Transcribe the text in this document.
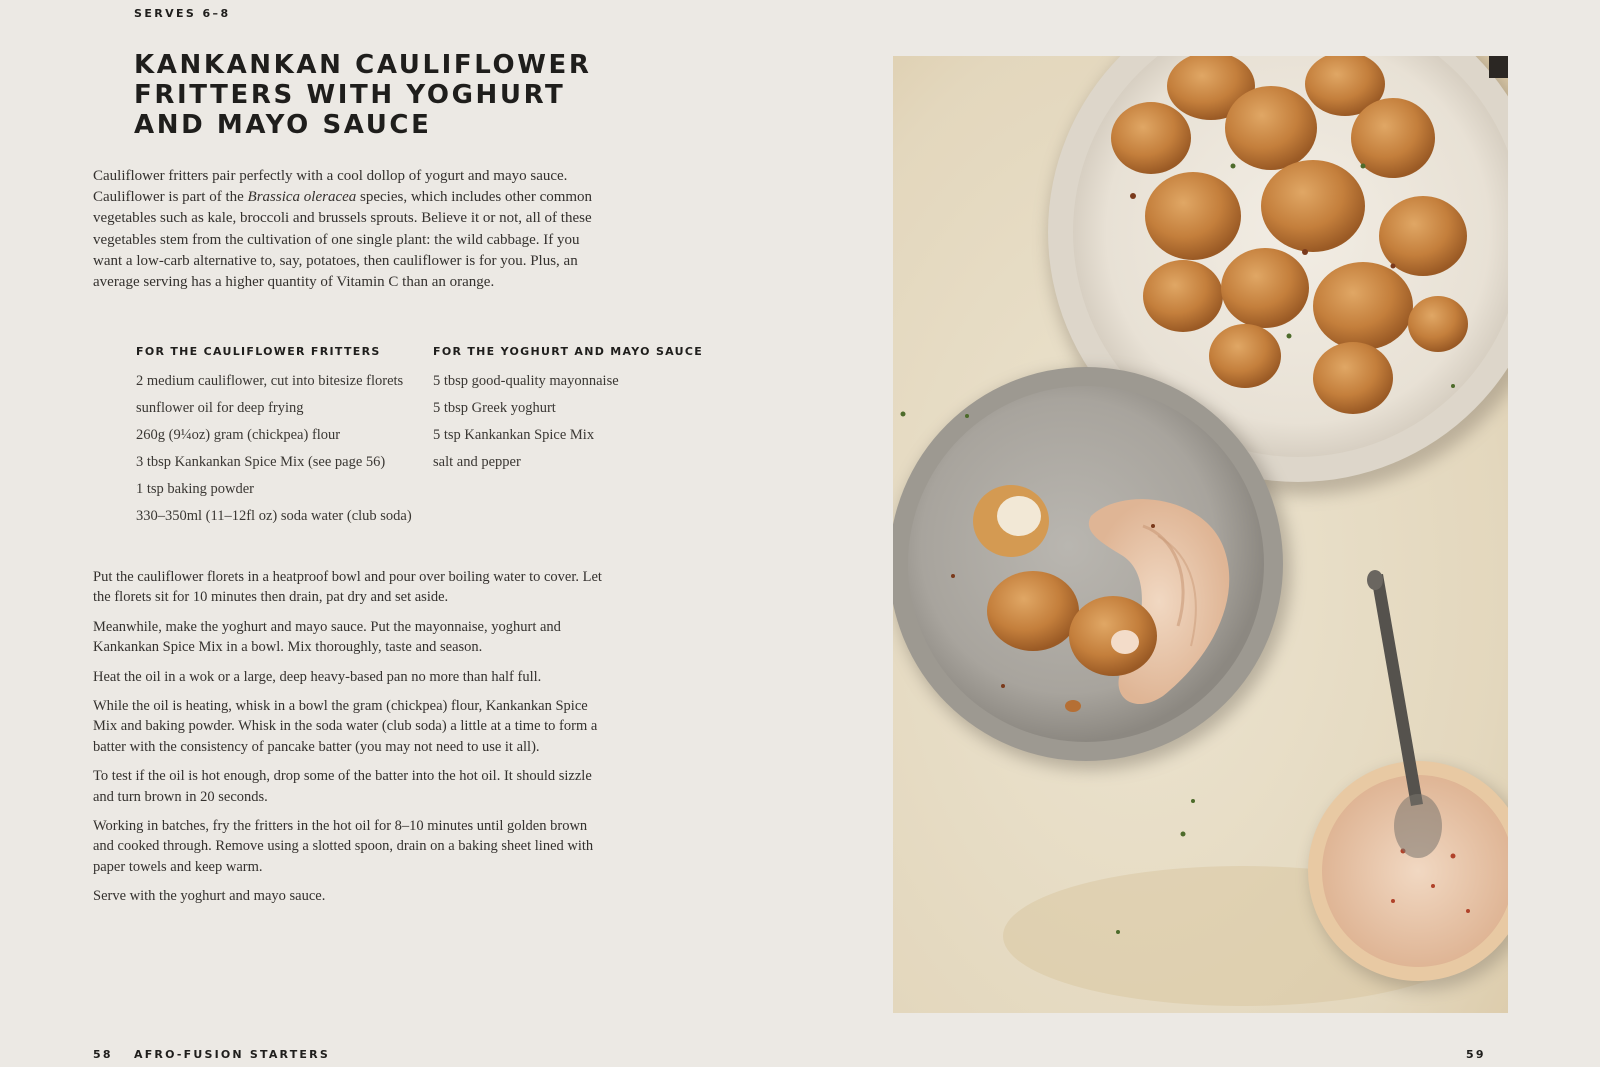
SERVES 6–8
KANKANKAN CAULIFLOWER
FRITTERS WITH YOGHURT
AND MAYO SAUCE

Cauliflower fritters pair perfectly with a cool dollop of yogurt and mayo sauce. Cauliflower is part of the Brassica oleracea species, which includes other common vegetables such as kale, broccoli and brussels sprouts. Believe it or not, all of these vegetables stem from the cultivation of one single plant: the wild cabbage. If you want a low-carb alternative to, say, potatoes, then cauliflower is for you. Plus, an average serving has a higher quantity of Vitamin C than an orange.

FOR THE CAULIFLOWER FRITTERS
2 medium cauliflower, cut into bitesize florets
sunflower oil for deep frying
260g (9¼oz) gram (chickpea) flour
3 tbsp Kankankan Spice Mix (see page 56)
1 tsp baking powder
330–350ml (11–12fl oz) soda water (club soda)
FOR THE YOGHURT AND MAYO SAUCE
5 tbsp good-quality mayonnaise
5 tbsp Greek yoghurt
5 tsp Kankankan Spice Mix
salt and pepper

Put the cauliflower florets in a heatproof bowl and pour over boiling water to cover. Let the florets sit for 10 minutes then drain, pat dry and set aside.

Meanwhile, make the yoghurt and mayo sauce. Put the mayonnaise, yoghurt and Kankankan Spice Mix in a bowl. Mix thoroughly, taste and season.

Heat the oil in a wok or a large, deep heavy-based pan no more than half full.

While the oil is heating, whisk in a bowl the gram (chickpea) flour, Kankankan Spice Mix and baking powder. Whisk in the soda water (club soda) a little at a time to form a batter with the consistency of pancake batter (you may not need to use it all).

To test if the oil is hot enough, drop some of the batter into the hot oil. It should sizzle and turn brown in 20 seconds.

Working in batches, fry the fritters in the hot oil for 8–10 minutes until golden brown and cooked through. Remove using a slotted spoon, drain on a baking sheet lined with paper towels and keep warm.

Serve with the yoghurt and mayo sauce.

58 AFRO-FUSION STARTERS	59
